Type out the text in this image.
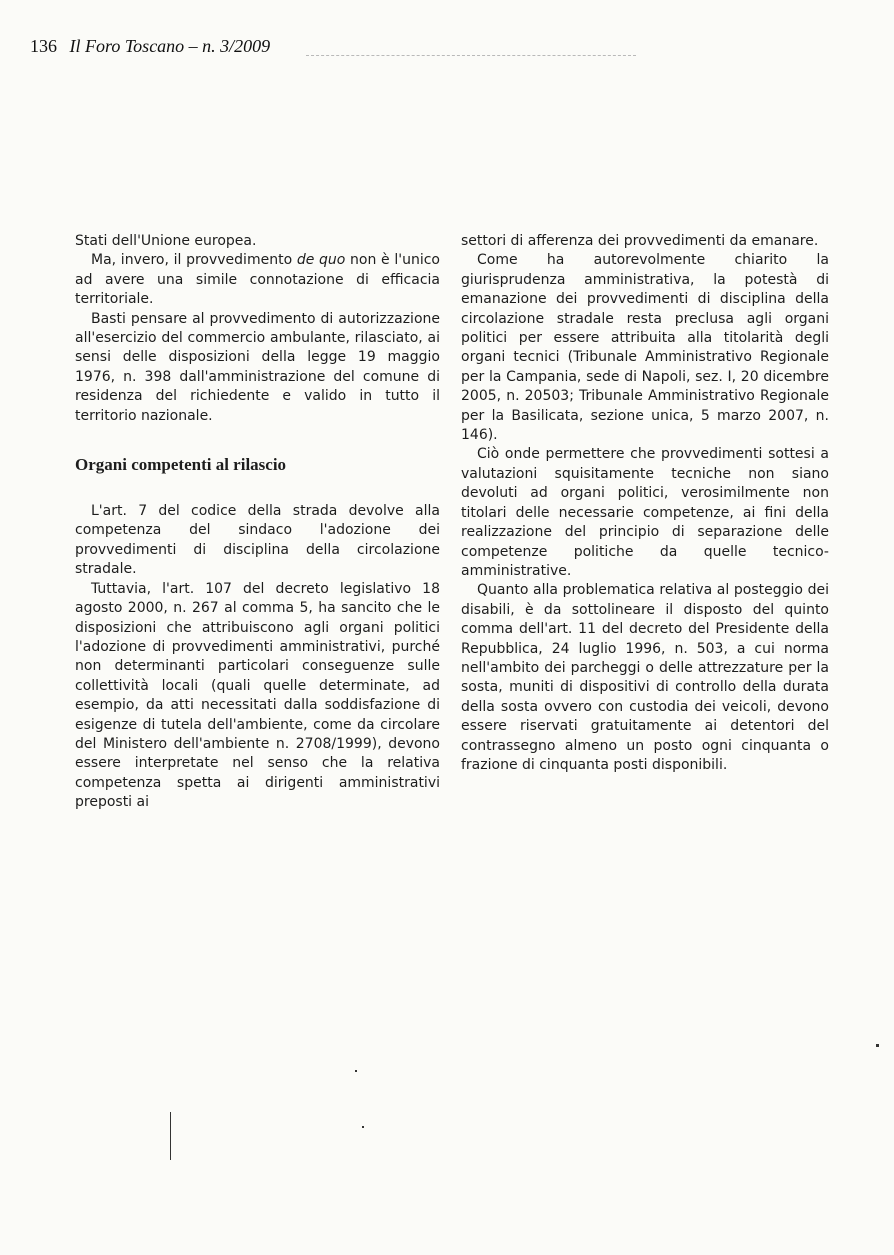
136 Il Foro Toscano – n. 3/2009

Stati dell'Unione europea.

Ma, invero, il provvedimento de quo non è l'unico ad avere una simile connotazione di efficacia territoriale.

Basti pensare al provvedimento di autorizzazione all'esercizio del commercio ambulante, rilasciato, ai sensi delle disposizioni della legge 19 maggio 1976, n. 398 dall'amministrazione del comune di residenza del richiedente e valido in tutto il territorio nazionale.

Organi competenti al rilascio

L'art. 7 del codice della strada devolve alla competenza del sindaco l'adozione dei provvedimenti di disciplina della circolazione stradale.

Tuttavia, l'art. 107 del decreto legislativo 18 agosto 2000, n. 267 al comma 5, ha sancito che le disposizioni che attribuiscono agli organi politici l'adozione di provvedimenti amministrativi, purché non determinanti particolari conseguenze sulle collettività locali (quali quelle determinate, ad esempio, da atti necessitati dalla soddisfazione di esigenze di tutela dell'ambiente, come da circolare del Ministero dell'ambiente n. 2708/1999), devono essere interpretate nel senso che la relativa competenza spetta ai dirigenti amministrativi preposti ai

settori di afferenza dei provvedimenti da emanare.

Come ha autorevolmente chiarito la giurisprudenza amministrativa, la potestà di emanazione dei provvedimenti di disciplina della circolazione stradale resta preclusa agli organi politici per essere attribuita alla titolarità degli organi tecnici (Tribunale Amministrativo Regionale per la Campania, sede di Napoli, sez. I, 20 dicembre 2005, n. 20503; Tribunale Amministrativo Regionale per la Basilicata, sezione unica, 5 marzo 2007, n. 146).

Ciò onde permettere che provvedimenti sottesi a valutazioni squisitamente tecniche non siano devoluti ad organi politici, verosimilmente non titolari delle necessarie competenze, ai fini della realizzazione del principio di separazione delle competenze politiche da quelle tecnico-amministrative.

Quanto alla problematica relativa al posteggio dei disabili, è da sottolineare il disposto del quinto comma dell'art. 11 del decreto del Presidente della Repubblica, 24 luglio 1996, n. 503, a cui norma nell'ambito dei parcheggi o delle attrezzature per la sosta, muniti di dispositivi di controllo della durata della sosta ovvero con custodia dei veicoli, devono essere riservati gratuitamente ai detentori del contrassegno almeno un posto ogni cinquanta o frazione di cinquanta posti disponibili.
